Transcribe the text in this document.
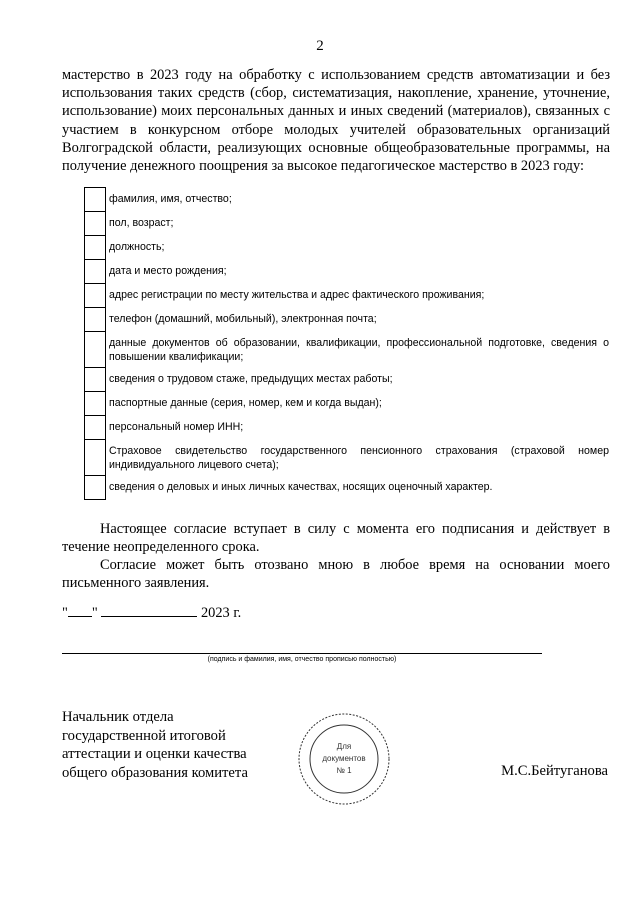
2
мастерство в 2023 году на обработку с использованием средств автоматизации и без использования таких средств (сбор, систематизация, накопление, хранение, уточнение, использование) моих персональных данных и иных сведений (материалов), связанных с участием в конкурсном отборе молодых учителей образовательных организаций Волгоградской области, реализующих основные общеобразовательные программы, на получение денежного поощрения за высокое педагогическое мастерство в 2023 году:
	фамилия, имя, отчество;
	пол, возраст;
	должность;
	дата и место рождения;
	адрес регистрации по месту жительства и адрес фактического проживания;
	телефон (домашний, мобильный), электронная почта;
	данные документов об образовании, квалификации, профессиональной подготовке, сведения о повышении квалификации;
	сведения о трудовом стаже, предыдущих местах работы;
	паспортные данные (серия, номер, кем и когда выдан);
	персональный номер ИНН;
	Страховое свидетельство государственного пенсионного страхования (страховой номер индивидуального лицевого счета);
	сведения о деловых и иных личных качествах, носящих оценочный характер.
Настоящее согласие вступает в силу с момента его подписания и действует в течение неопределенного срока.
Согласие может быть отозвано мною в любое время на основании моего письменного заявления.
" "	2023 г.
(подпись и фамилия, имя, отчество прописью полностью)
Начальник отдела
государственной итоговой
аттестации и оценки качества
общего образования комитета
Для
документов
№ 1	М.С.Бейтуганова
